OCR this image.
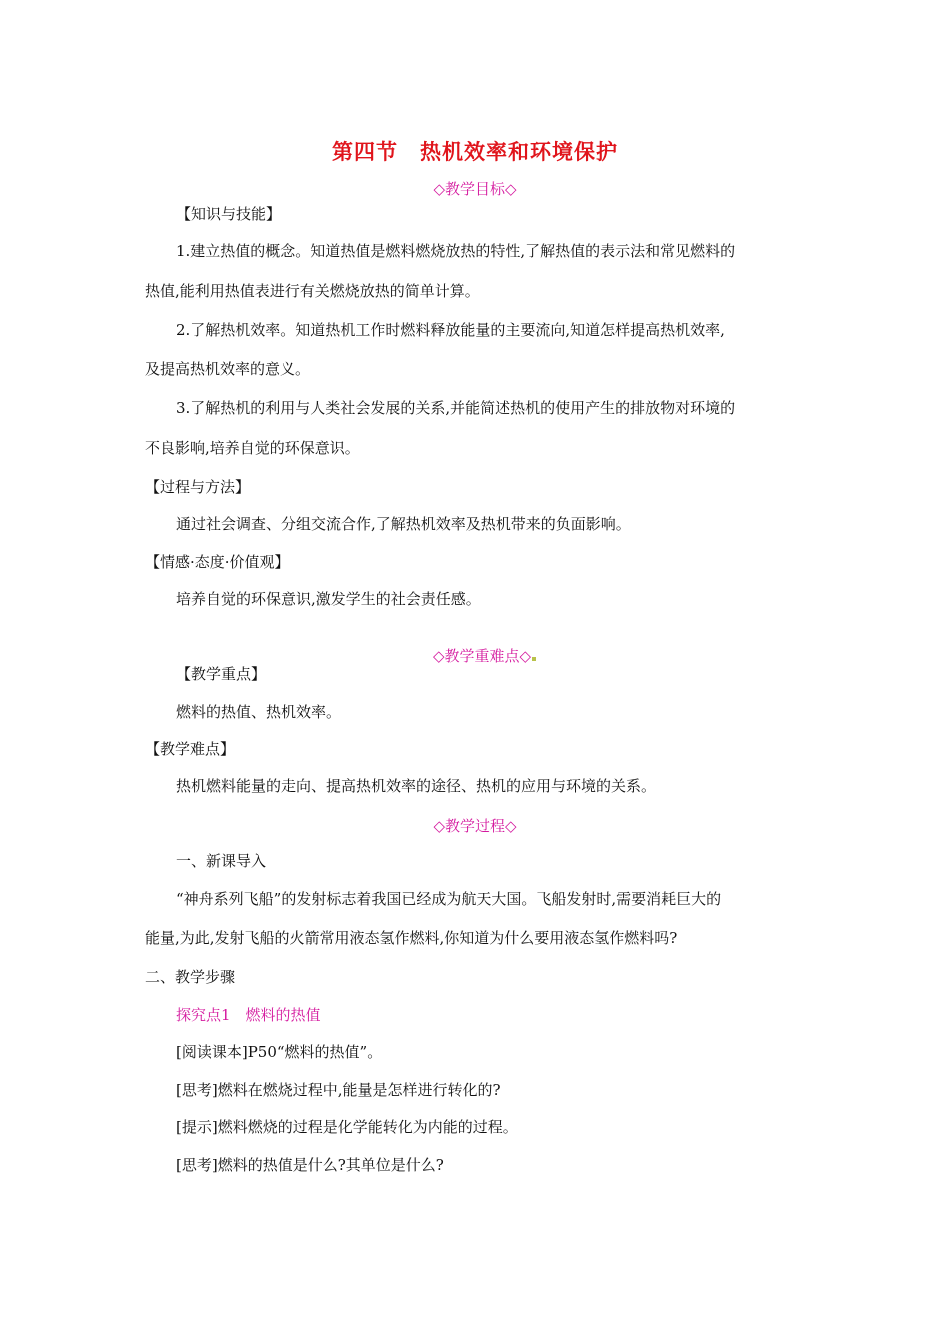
第四节　热机效率和环境保护
◇教学目标◇
【知识与技能】
1.建立热值的概念。知道热值是燃料燃烧放热的特性,了解热值的表示法和常见燃料的
热值,能利用热值表进行有关燃烧放热的简单计算。
2.了解热机效率。知道热机工作时燃料释放能量的主要流向,知道怎样提高热机效率,
及提高热机效率的意义。
3.了解热机的利用与人类社会发展的关系,并能简述热机的使用产生的排放物对环境的
不良影响,培养自觉的环保意识。
【过程与方法】
通过社会调查、分组交流合作,了解热机效率及热机带来的负面影响。
【情感·态度·价值观】
培养自觉的环保意识,激发学生的社会责任感。

◇教学重难点◇

【教学重点】
燃料的热值、热机效率。
【教学难点】
热机燃料能量的走向、提高热机效率的途径、热机的应用与环境的关系。
◇教学过程◇
一、新课导入
“神舟系列飞船”的发射标志着我国已经成为航天大国。飞船发射时,需要消耗巨大的
能量,为此,发射飞船的火箭常用液态氢作燃料,你知道为什么要用液态氢作燃料吗?
二、教学步骤
探究点1　燃料的热值
[阅读课本]P50“燃料的热值”。
[思考]燃料在燃烧过程中,能量是怎样进行转化的?
[提示]燃料燃烧的过程是化学能转化为内能的过程。
[思考]燃料的热值是什么?其单位是什么?
